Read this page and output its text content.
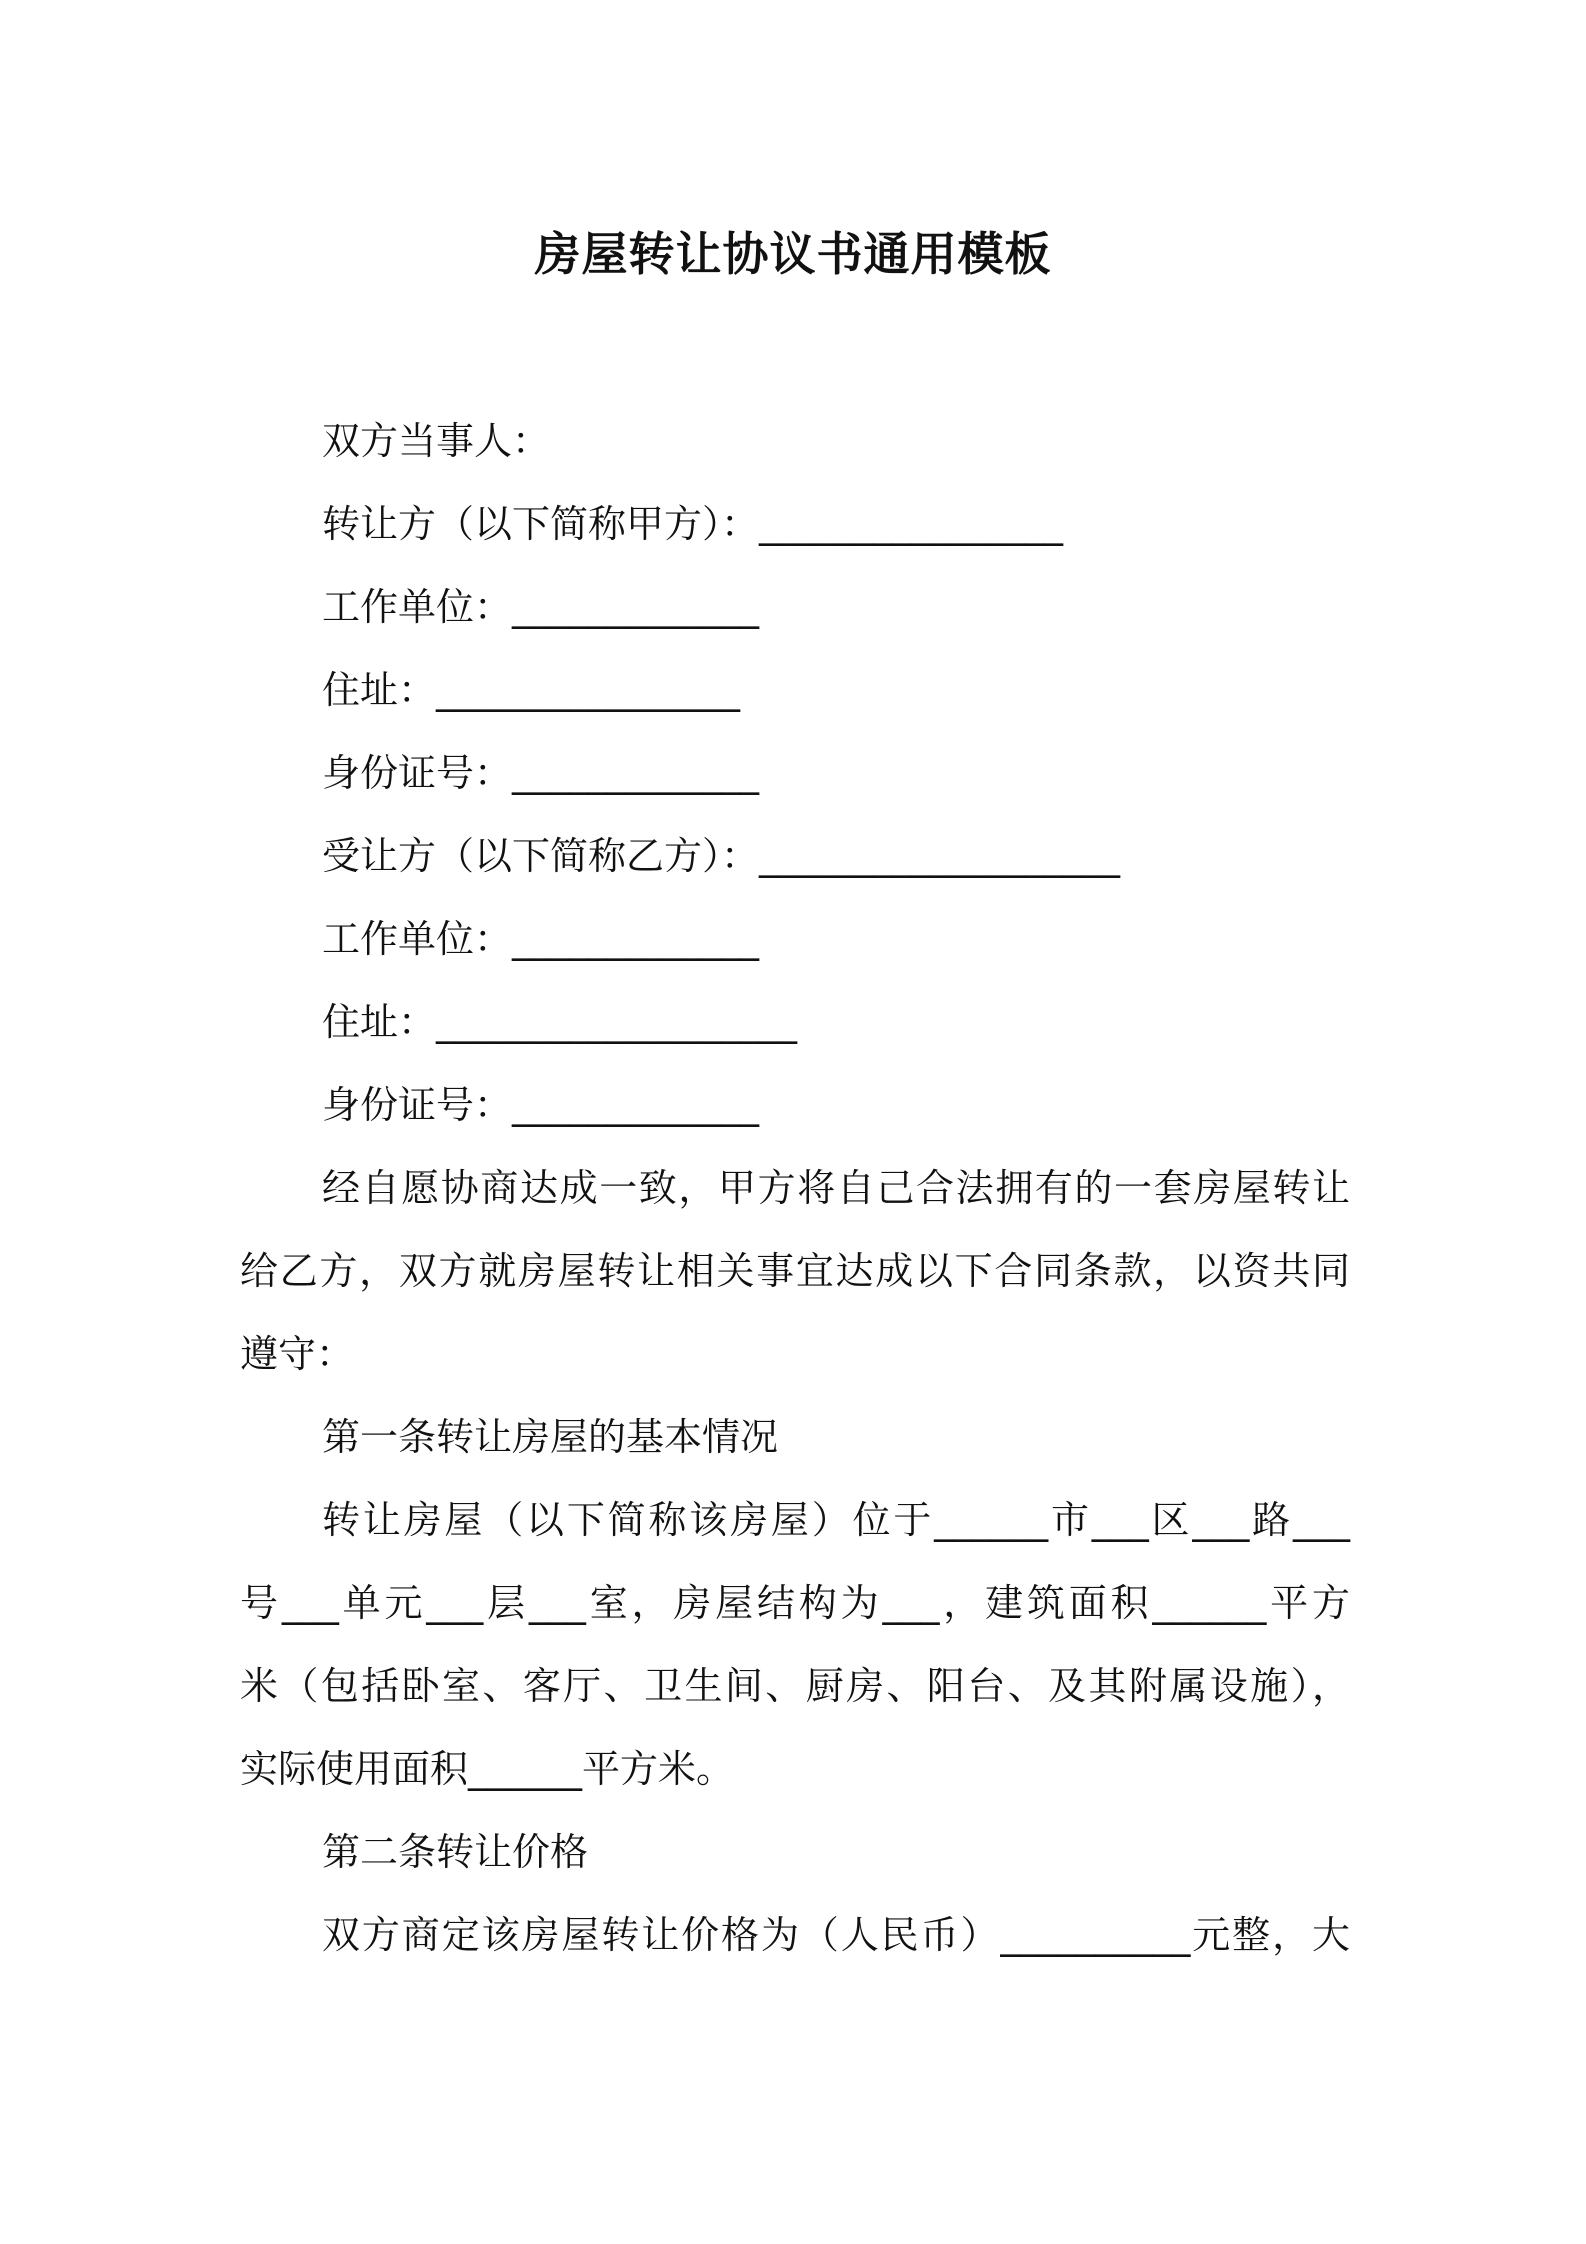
房屋转让协议书通用模板
双方当事人：
转让方（以下简称甲方）：________________
工作单位：_____________
住址：________________
身份证号：_____________
受让方（以下简称乙方）：___________________
工作单位：_____________
住址：___________________
身份证号：_____________
经自愿协商达成一致，甲方将自己合法拥有的一套房屋转让
给乙方，双方就房屋转让相关事宜达成以下合同条款，以资共同
遵守：
第一条转让房屋的基本情况
转让房屋（以下简称该房屋）位于______市___区___路___
号___单元___层___室，房屋结构为___，建筑面积______平方
米（包括卧室、客厅、卫生间、厨房、阳台、及其附属设施），
实际使用面积______平方米。
第二条转让价格
双方商定该房屋转让价格为（人民币）__________元整，大
